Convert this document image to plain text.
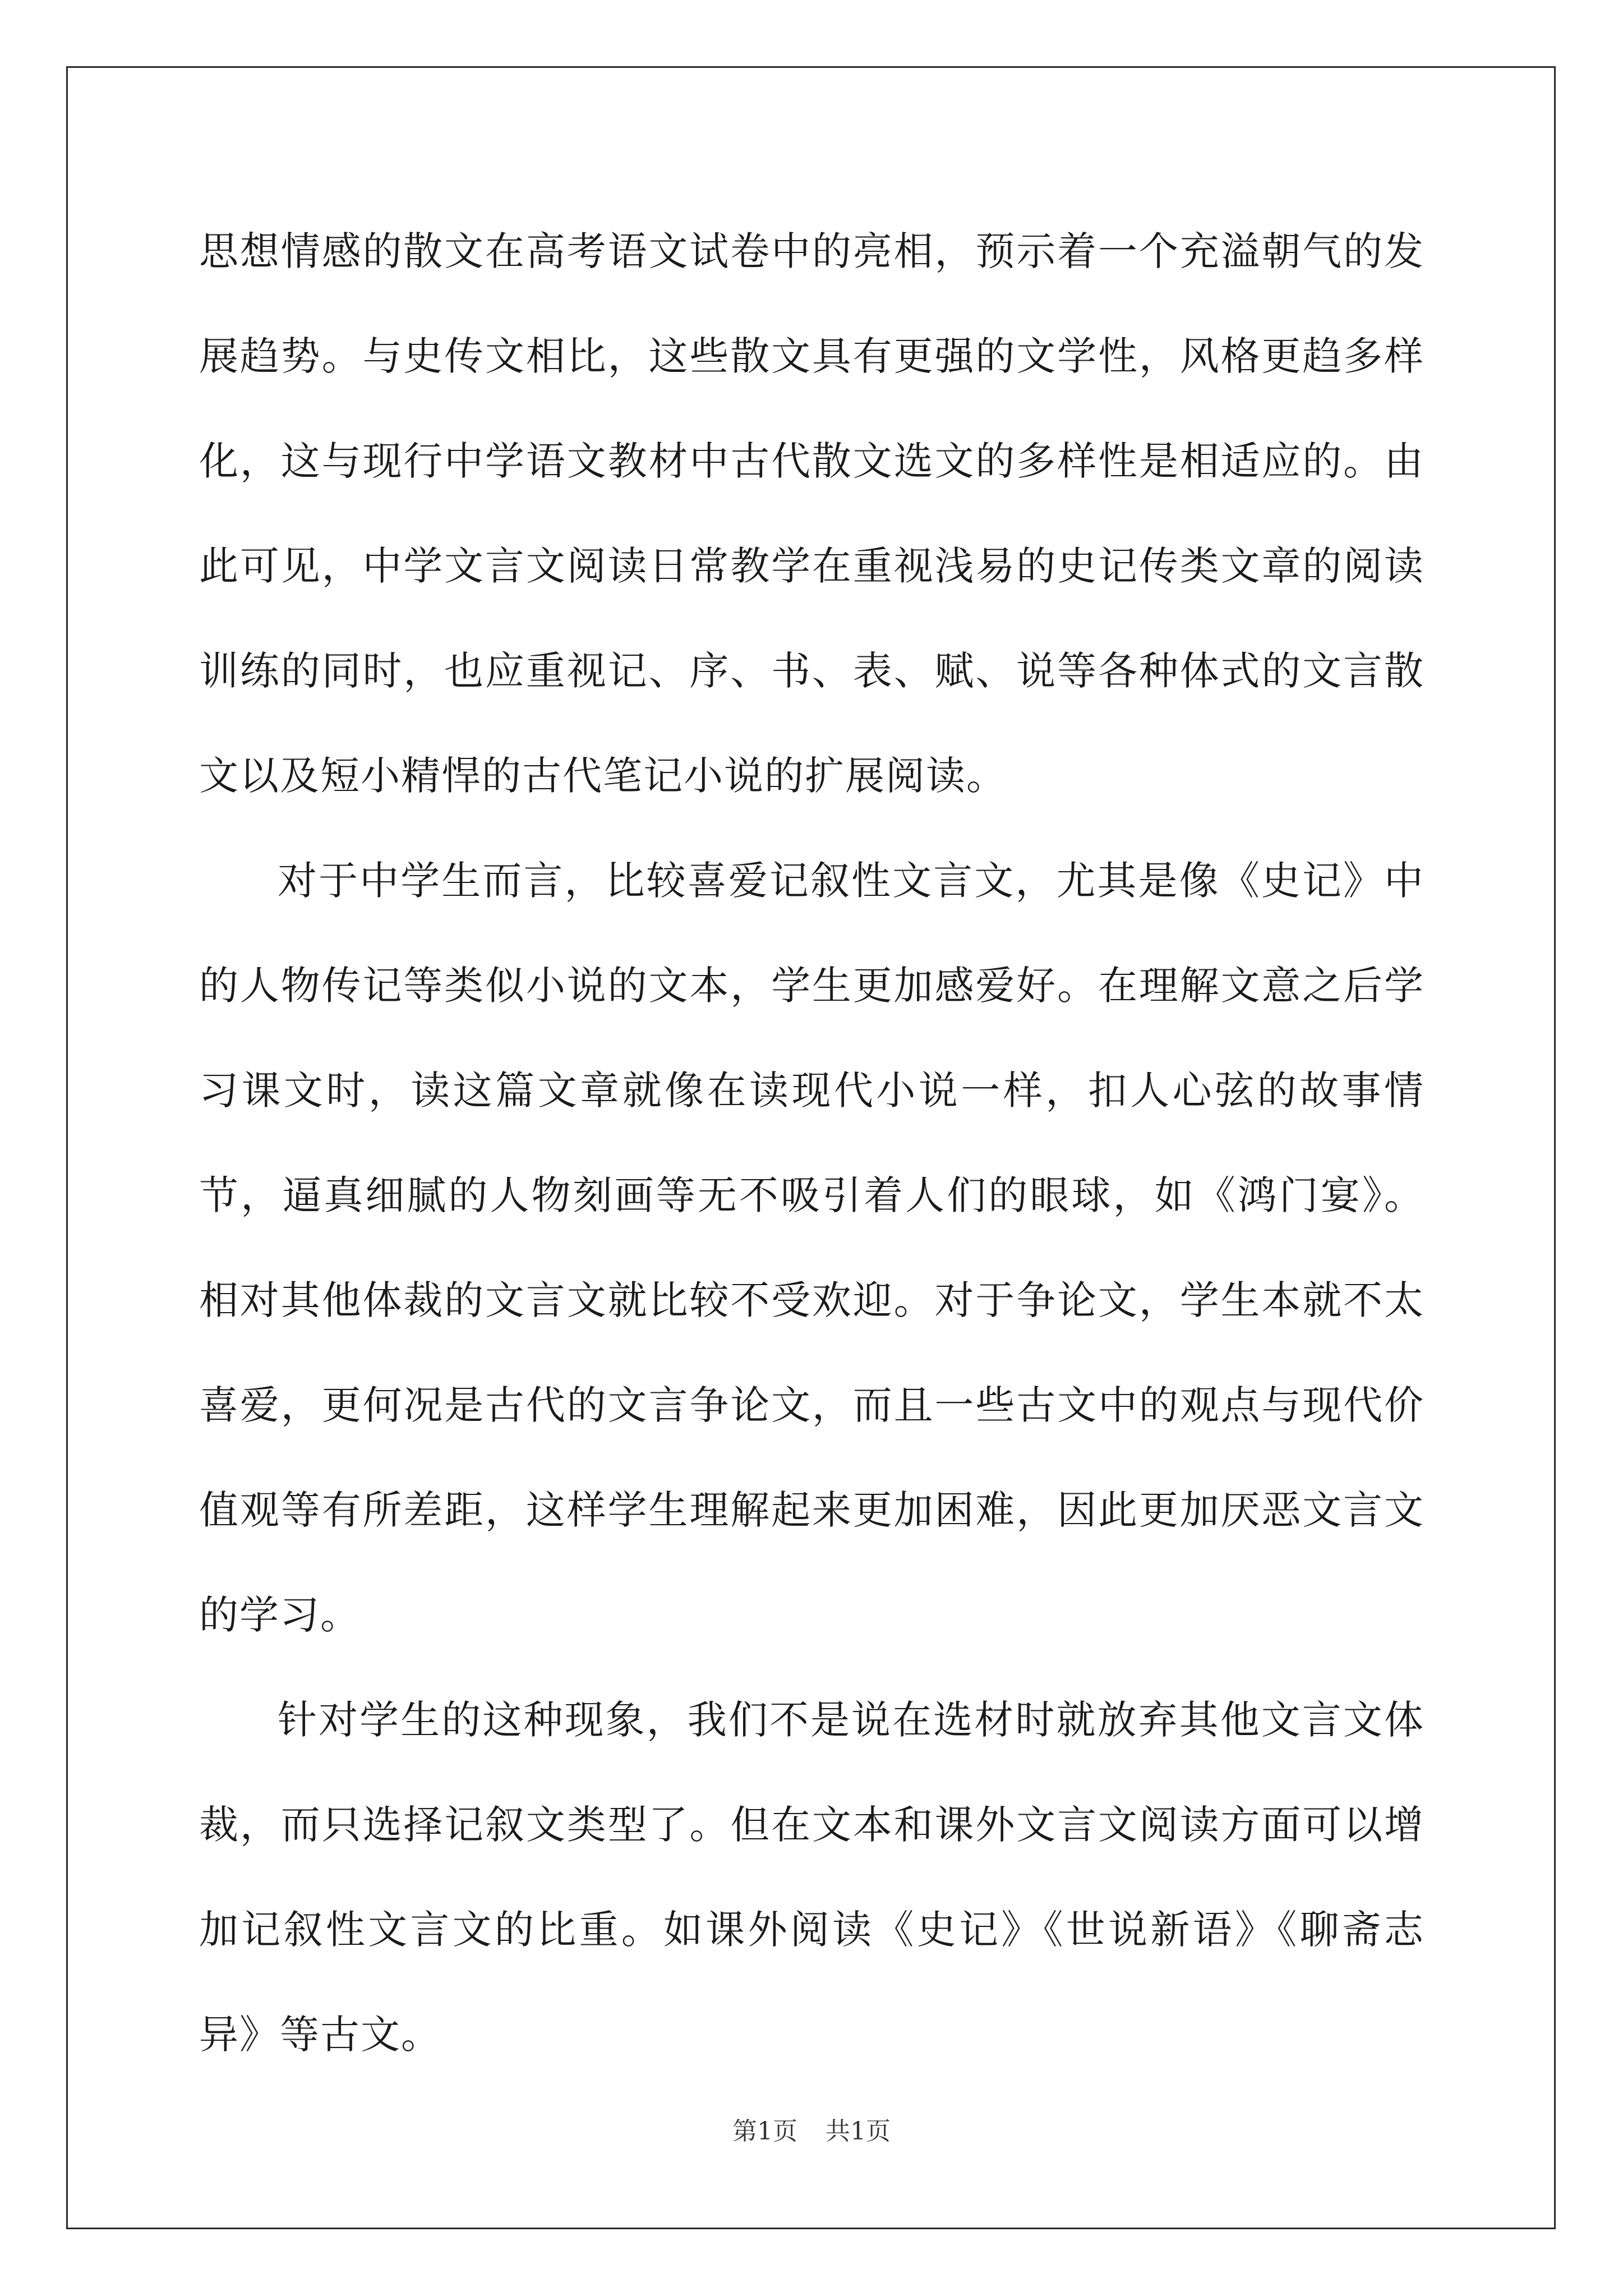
思想情感的散文在高考语文试卷中的亮相，预示着一个充溢朝气的发展趋势。与史传文相比，这些散文具有更强的文学性，风格更趋多样化，这与现行中学语文教材中古代散文选文的多样性是相适应的。由此可见，中学文言文阅读日常教学在重视浅易的史记传类文章的阅读训练的同时，也应重视记、序、书、表、赋、说等各种体式的文言散文以及短小精悍的古代笔记小说的扩展阅读。

对于中学生而言，比较喜爱记叙性文言文，尤其是像《史记》中的人物传记等类似小说的文本，学生更加感爱好。在理解文意之后学习课文时，读这篇文章就像在读现代小说一样，扣人心弦的故事情节，逼真细腻的人物刻画等无不吸引着人们的眼球，如《鸿门宴》。相对其他体裁的文言文就比较不受欢迎。对于争论文，学生本就不太喜爱，更何况是古代的文言争论文，而且一些古文中的观点与现代价值观等有所差距，这样学生理解起来更加困难，因此更加厌恶文言文的学习。

针对学生的这种现象，我们不是说在选材时就放弃其他文言文体裁，而只选择记叙文类型了。但在文本和课外文言文阅读方面可以增加记叙性文言文的比重。如课外阅读《史记》《世说新语》《聊斋志异》等古文。

第1页 共1页
